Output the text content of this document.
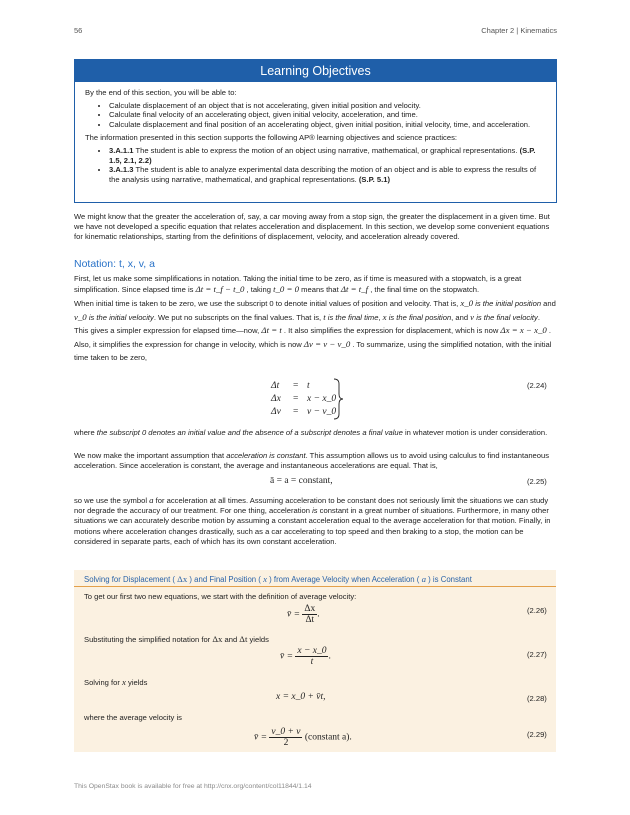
56	Chapter 2 | Kinematics
Learning Objectives

By the end of this section, you will be able to:

• Calculate displacement of an object that is not accelerating, given initial position and velocity.
• Calculate final velocity of an accelerating object, given initial velocity, acceleration, and time.
• Calculate displacement and final position of an accelerating object, given initial position, initial velocity, time, and acceleration.

The information presented in this section supports the following AP® learning objectives and science practices:

• 3.A.1.1 The student is able to express the motion of an object using narrative, mathematical, or graphical representations. (S.P. 1.5, 2.1, 2.2)
• 3.A.1.3 The student is able to analyze experimental data describing the motion of an object and is able to express the results of the analysis using narrative, mathematical, and graphical representations. (S.P. 5.1)
We might know that the greater the acceleration of, say, a car moving away from a stop sign, the greater the displacement in a given time. But we have not developed a specific equation that relates acceleration and displacement. In this section, we develop some convenient equations for kinematic relationships, starting from the definitions of displacement, velocity, and acceleration already covered.
Notation: t, x, v, a
First, let us make some simplifications in notation. Taking the initial time to be zero, as if time is measured with a stopwatch, is a great simplification. Since elapsed time is Δt = t_f − t_0 , taking t_0 = 0 means that Δt = t_f , the final time on the stopwatch.
When initial time is taken to be zero, we use the subscript 0 to denote initial values of position and velocity. That is, x_0 is the initial position and v_0 is the initial velocity. We put no subscripts on the final values. That is, t is the final time, x is the final position, and v is the final velocity. This gives a simpler expression for elapsed time—now, Δt = t . It also simplifies the expression for displacement, which is now Δx = x − x_0 . Also, it simplifies the expression for change in velocity, which is now Δv = v − v_0 . To summarize, using the simplified notation, with the initial time taken to be zero,
Δt = t
Δx = x − x_0
Δv = v − v_0
(2.24)
where the subscript 0 denotes an initial value and the absence of a subscript denotes a final value in whatever motion is under consideration.
We now make the important assumption that acceleration is constant. This assumption allows us to avoid using calculus to find instantaneous acceleration. Since acceleration is constant, the average and instantaneous accelerations are equal. That is,
ā = a = constant,	(2.25)
so we use the symbol a for acceleration at all times. Assuming acceleration to be constant does not seriously limit the situations we can study nor degrade the accuracy of our treatment. For one thing, acceleration is constant in a great number of situations. Furthermore, in many other situations we can accurately describe motion by assuming a constant acceleration equal to the average acceleration for that motion. Finally, in motions where acceleration changes drastically, such as a car accelerating to top speed and then braking to a stop, the motion can be considered in separate parts, each of which has its own constant acceleration.
Solving for Displacement ( Δx ) and Final Position ( x ) from Average Velocity when Acceleration ( a ) is Constant
To get our first two new equations, we start with the definition of average velocity:
v̄ = $\frac{\Delta x}{\Delta t}$ .	(2.26)
Substituting the simplified notation for Δx and Δt yields
v̄ = $\frac{x - x\_0}{t}$ .	(2.27)
Solving for x yields
x = x_0 + v̄t,	(2.28)
where the average velocity is
v̄ = $\frac{v\_0 + v}{2}$ (constant a).	(2.29)
This OpenStax book is available for free at http://cnx.org/content/col11844/1.14
